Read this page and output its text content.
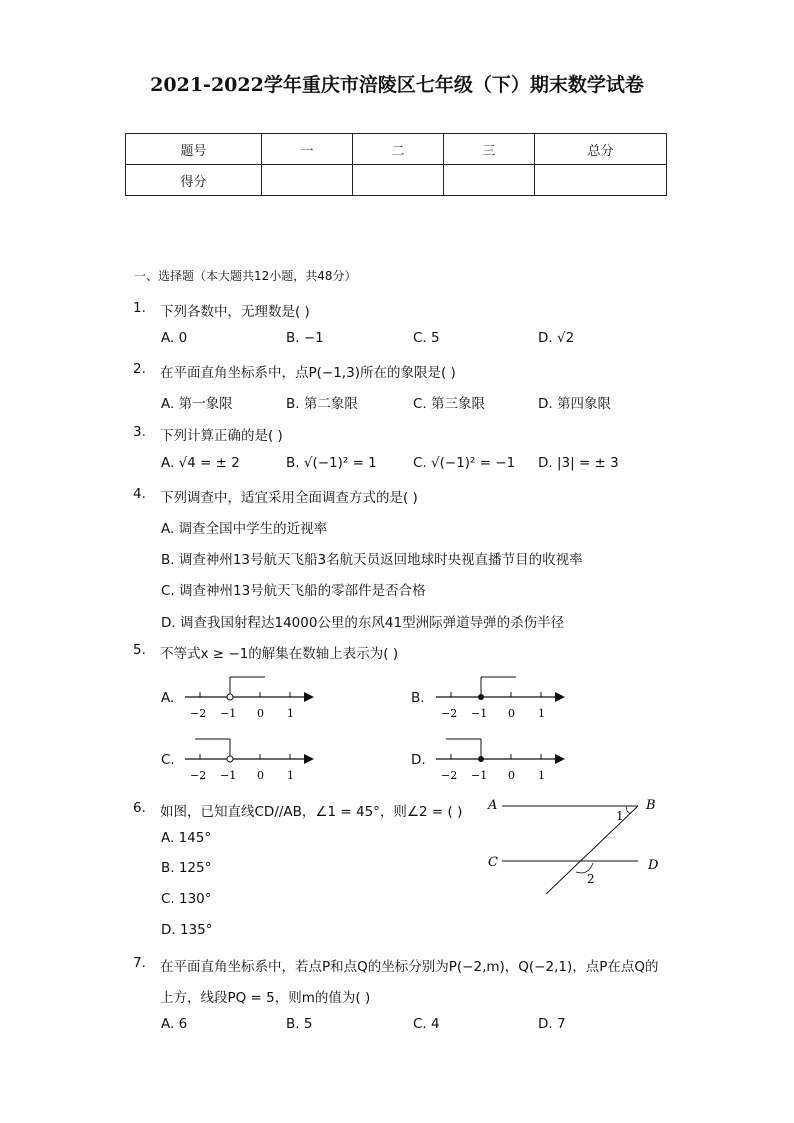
2021-2022学年重庆市涪陵区七年级（下）期末数学试卷
题号	一	二	三	总分
得分				
一、选择题（本大题共12小题，共48分）
1. 下列各数中，无理数是( )
A. 0	B. −1	C. 5	D. √2
2. 在平面直角坐标系中，点P(−1,3)所在的象限是( )
A. 第一象限	B. 第二象限	C. 第三象限	D. 第四象限
3. 下列计算正确的是( )
A. √4 = ± 2	B. √(−1)² = 1	C. √(−1)² = −1 D. |3| = ± 3
4. 下列调查中，适宜采用全面调查方式的是( )
A. 调查全国中学生的近视率
B. 调查神州13号航天飞船3名航天员返回地球时央视直播节目的收视率
C. 调查神州13号航天飞船的零部件是否合格
D. 调查我国射程达14000公里的东风41型洲际弹道导弹的杀伤半径
5. 不等式x ≥ −1的解集在数轴上表示为( )
A.	B.
C.	D.
−2 −1 0 1	−2 −1 0 1
−2 −1 0 1	−2 −1 0 1
6. 如图，已知直线CD//AB，∠1 = 45°，则∠2 = ( )
A. 145°
B. 125°
C. 130°
D. 135°
A	B
C	D
1
2
7. 在平面直角坐标系中，若点P和点Q的坐标分别为P(−2,m)，Q(−2,1)，点P在点Q的
上方，线段PQ = 5，则m的值为( )
A. 6	B. 5	C. 4	D. 7
